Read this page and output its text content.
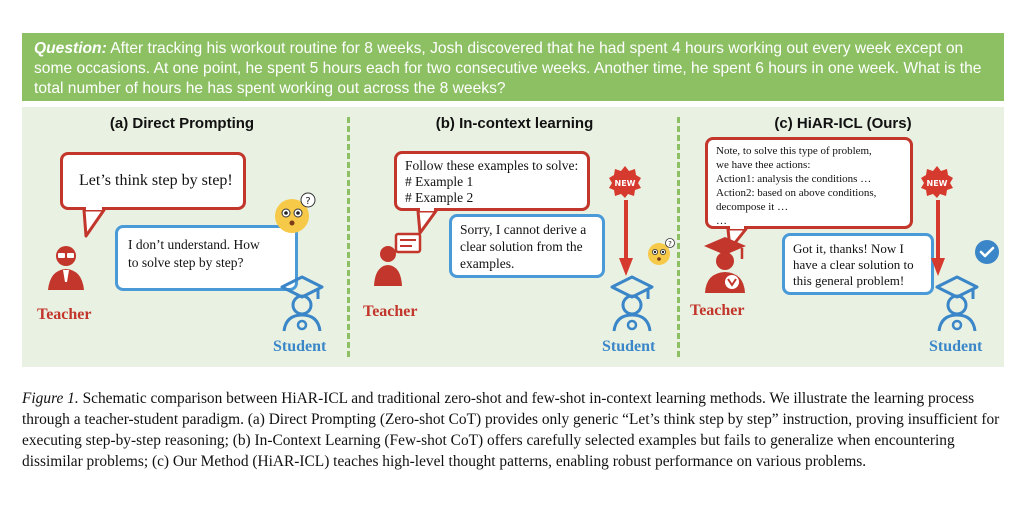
Question: After tracking his workout routine for 8 weeks, Josh discovered that he had spent 4 hours working out every week except on some occasions. At one point, he spent 5 hours each for two consecutive weeks. Another time, he spent 6 hours in one week. What is the total number of hours he has spent working out across the 8 weeks?
(a) Direct Prompting
Let’s think step by step!
I don’t understand. How
to solve step by step?
?
Teacher
Student
(b) In-context learning
Follow these examples to solve:
# Example 1
# Example 2
Sorry, I cannot derive a
clear solution from the
examples.
NEW
?
Teacher
Student
(c) HiAR-ICL (Ours)
Note, to solve this type of problem,
we have thee actions:
Action1: analysis the conditions …
Action2: based on above conditions,
decompose it …
…
Got it, thanks! Now I
have a clear solution to
this general problem!
NEW
Teacher
Student
Figure 1. Schematic comparison between HiAR-ICL and traditional zero-shot and few-shot in-context learning methods. We illustrate the learning process through a teacher-student paradigm. (a) Direct Prompting (Zero-shot CoT) provides only generic “Let’s think step by step” instruction, proving insufficient for executing step-by-step reasoning; (b) In-Context Learning (Few-shot CoT) offers carefully selected examples but fails to generalize when encountering dissimilar problems; (c) Our Method (HiAR-ICL) teaches high-level thought patterns, enabling robust performance on various problems.
